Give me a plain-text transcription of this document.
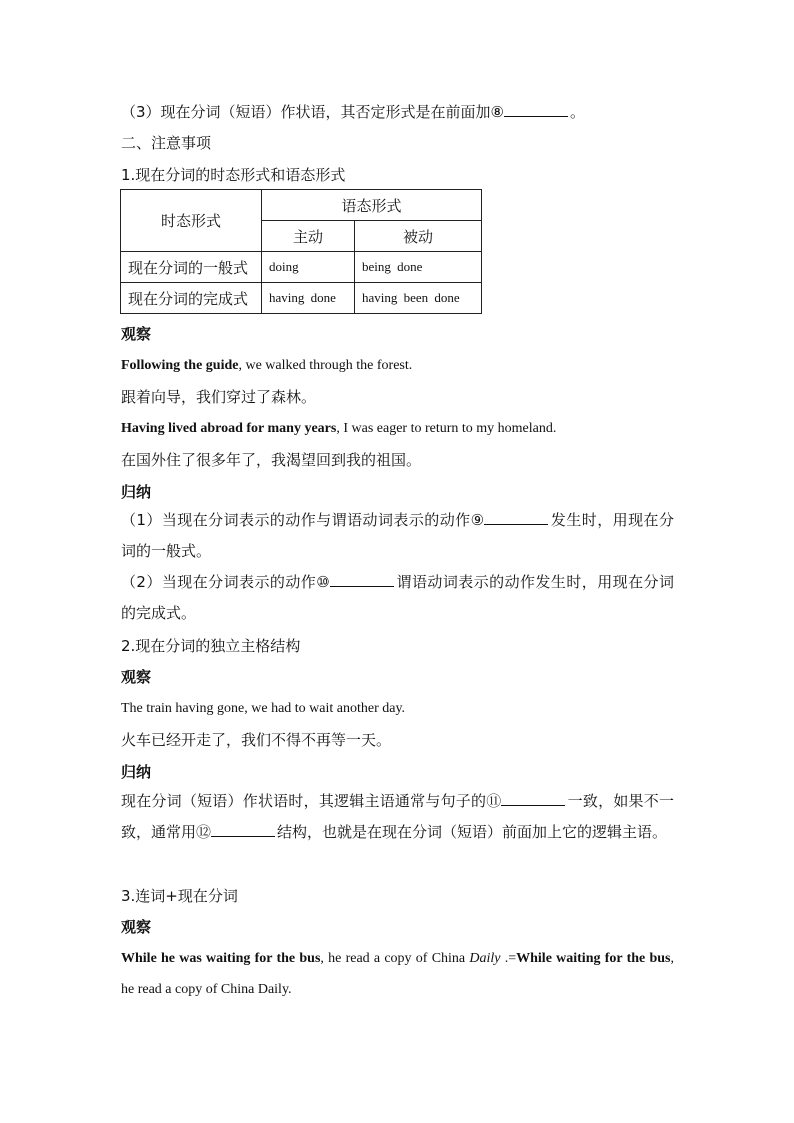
（3）现在分词（短语）作状语，其否定形式是在前面加⑧	。
二、注意事项
1.现在分词的时态形式和语态形式
时态形式	语态形式	
	主动	被动
现在分词的一般式	doing	being done
现在分词的完成式	having done	having been done
观察
Following the guide, we walked through the forest.
跟着向导，我们穿过了森林。
Having lived abroad for many years, I was eager to return to my homeland.
在国外住了很多年了，我渴望回到我的祖国。
归纳
（1）当现在分词表示的动作与谓语动词表示的动作⑨	发生时，用现在分词的一般式。
（2）当现在分词表示的动作⑩	谓语动词表示的动作发生时，用现在分词的完成式。
2.现在分词的独立主格结构
观察
The train having gone, we had to wait another day.
火车已经开走了，我们不得不再等一天。
归纳
现在分词（短语）作状语时，其逻辑主语通常与句子的⑪	一致，如果不一致，通常用⑫	结构，也就是在现在分词（短语）前面加上它的逻辑主语。
3.连词+现在分词
观察
While he was waiting for the bus, he read a copy of China Daily .=While waiting for the bus, he read a copy of China Daily.
